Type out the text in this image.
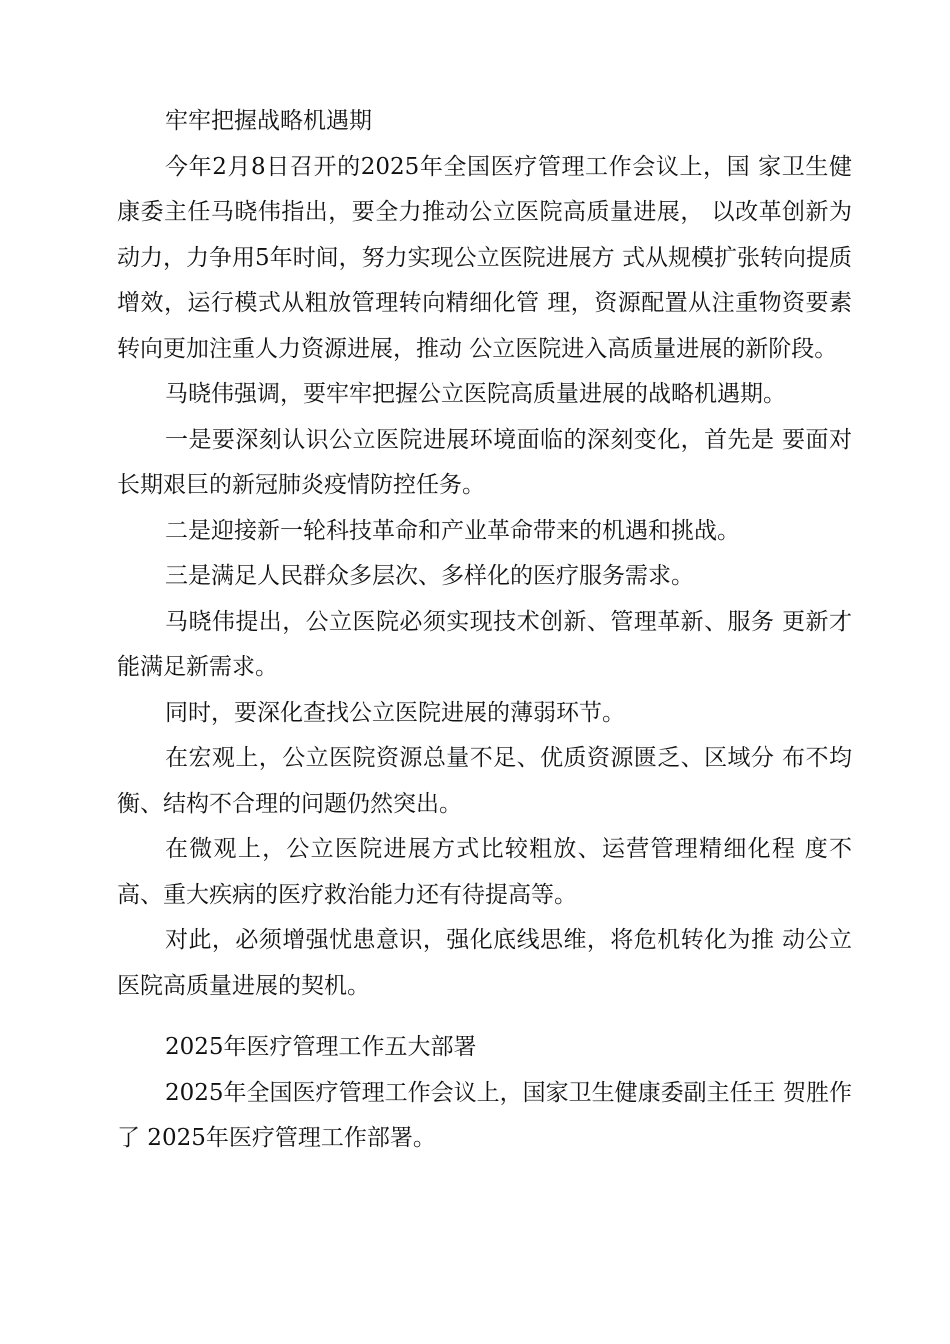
牢牢把握战略机遇期

今年2月8日召开的2025年全国医疗管理工作会议上，国 家卫生健康委主任马晓伟指出，要全力推动公立医院高质量进展， 以改革创新为动力，力争用5年时间，努力实现公立医院进展方 式从规模扩张转向提质增效，运行模式从粗放管理转向精细化管 理，资源配置从注重物资要素转向更加注重人力资源进展，推动 公立医院进入高质量进展的新阶段。

马晓伟强调，要牢牢把握公立医院高质量进展的战略机遇期。

一是要深刻认识公立医院进展环境面临的深刻变化，首先是 要面对长期艰巨的新冠肺炎疫情防控任务。

二是迎接新一轮科技革命和产业革命带来的机遇和挑战。

三是满足人民群众多层次、多样化的医疗服务需求。

马晓伟提出，公立医院必须实现技术创新、管理革新、服务 更新才能满足新需求。

同时，要深化查找公立医院进展的薄弱环节。

在宏观上，公立医院资源总量不足、优质资源匮乏、区域分 布不均衡、结构不合理的问题仍然突出。

在微观上，公立医院进展方式比较粗放、运营管理精细化程 度不高、重大疾病的医疗救治能力还有待提高等。

对此，必须增强忧患意识，强化底线思维，将危机转化为推 动公立医院高质量进展的契机。

2025年医疗管理工作五大部署

2025年全国医疗管理工作会议上，国家卫生健康委副主任王 贺胜作了 2025年医疗管理工作部署。
